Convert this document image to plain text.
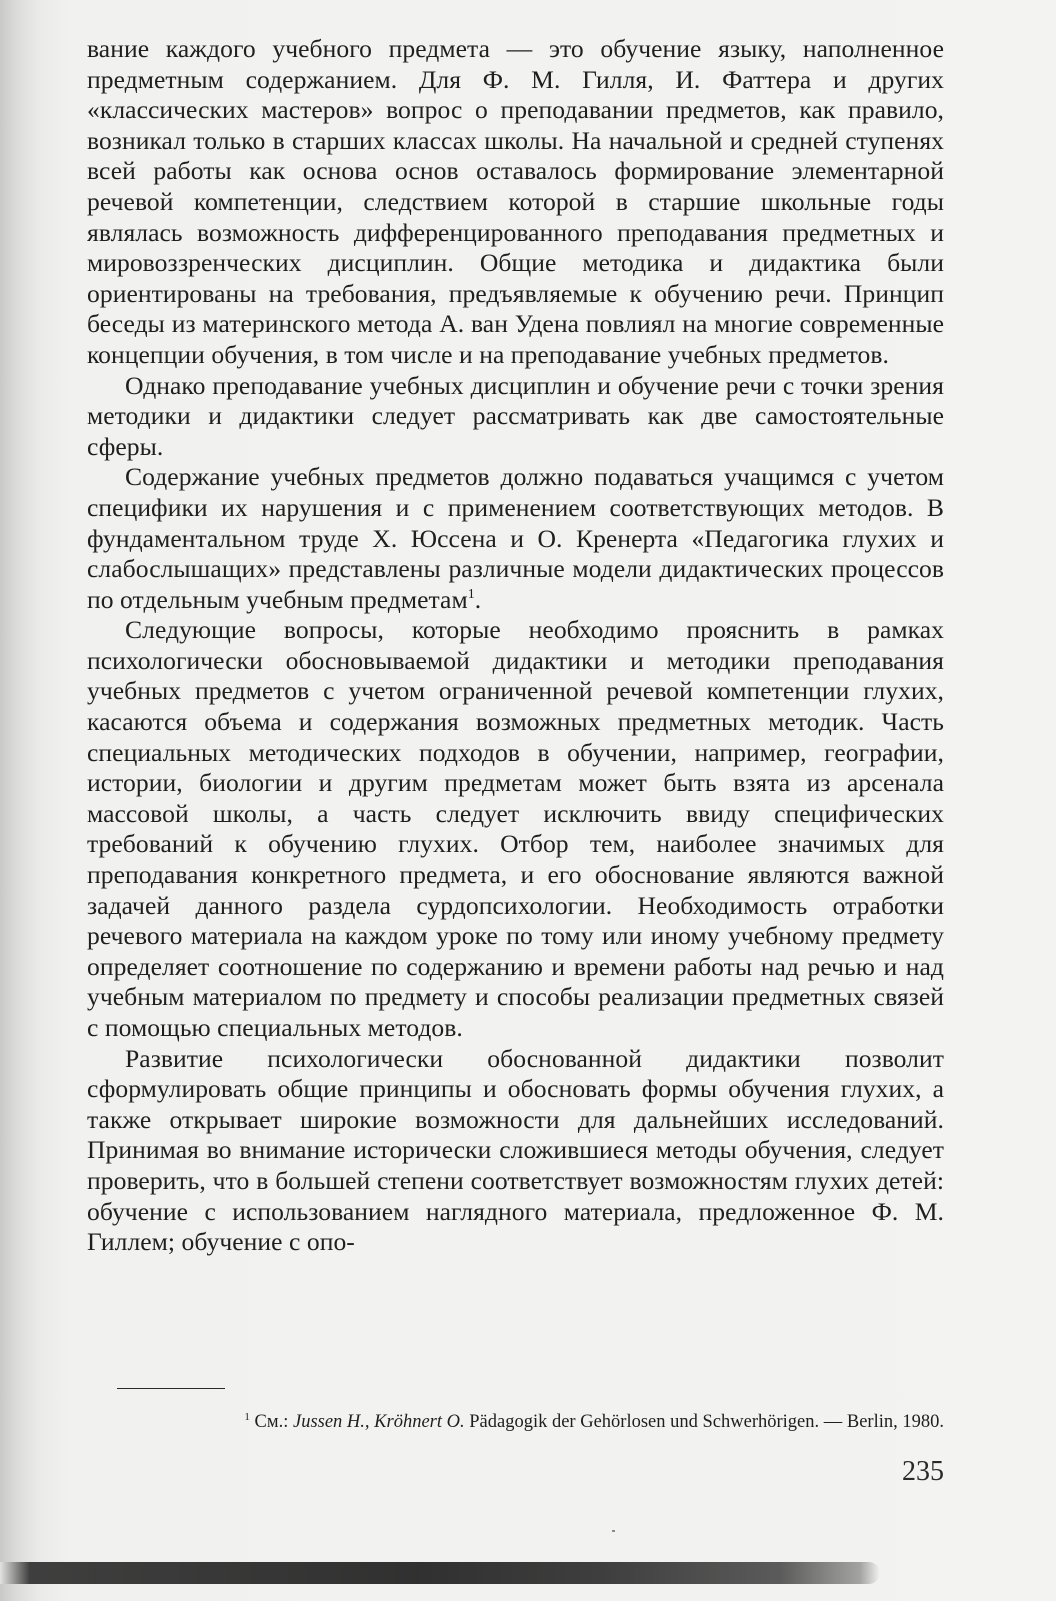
вание каждого учебного предмета — это обучение языку, наполненное предметным содержанием. Для Ф. М. Гилля, И. Фаттера и других «классических мастеров» вопрос о преподавании предметов, как правило, возникал только в старших классах школы. На начальной и средней ступенях всей работы как основа основ оставалось формирование элементарной речевой компетенции, следствием которой в старшие школьные годы являлась возможность дифференцированного преподавания предметных и мировоззренческих дисциплин. Общие методика и дидактика были ориентированы на требования, предъявляемые к обучению речи. Принцип беседы из материнского метода А. ван Удена повлиял на многие современные концепции обучения, в том числе и на преподавание учебных предметов.

Однако преподавание учебных дисциплин и обучение речи с точки зрения методики и дидактики следует рассматривать как две самостоятельные сферы.

Содержание учебных предметов должно подаваться учащимся с учетом специфики их нарушения и с применением соответствующих методов. В фундаментальном труде Х. Юссена и О. Кренерта «Педагогика глухих и слабослышащих» представлены различные модели дидактических процессов по отдельным учебным предметам$^1$.

Следующие вопросы, которые необходимо прояснить в рамках психологически обосновываемой дидактики и методики преподавания учебных предметов с учетом ограниченной речевой компетенции глухих, касаются объема и содержания возможных предметных методик. Часть специальных методических подходов в обучении, например, географии, истории, биологии и другим предметам может быть взята из арсенала массовой школы, а часть следует исключить ввиду специфических требований к обучению глухих. Отбор тем, наиболее значимых для преподавания конкретного предмета, и его обоснование являются важной задачей данного раздела сурдопсихологии. Необходимость отработки речевого материала на каждом уроке по тому или иному учебному предмету определяет соотношение по содержанию и времени работы над речью и над учебным материалом по предмету и способы реализации предметных связей с помощью специальных методов.

Развитие психологически обоснованной дидактики позволит сформулировать общие принципы и обосновать формы обучения глухих, а также открывает широкие возможности для дальнейших исследований. Принимая во внимание исторически сложившиеся методы обучения, следует проверить, что в большей степени соответствует возможностям глухих детей: обучение с использованием наглядного материала, предложенное Ф. М. Гиллем; обучение с опо-

$^1$ См.: Jussen H., Kröhnert O. Pädagogik der Gehörlosen und Schwerhörigen. — Berlin, 1980.
235
